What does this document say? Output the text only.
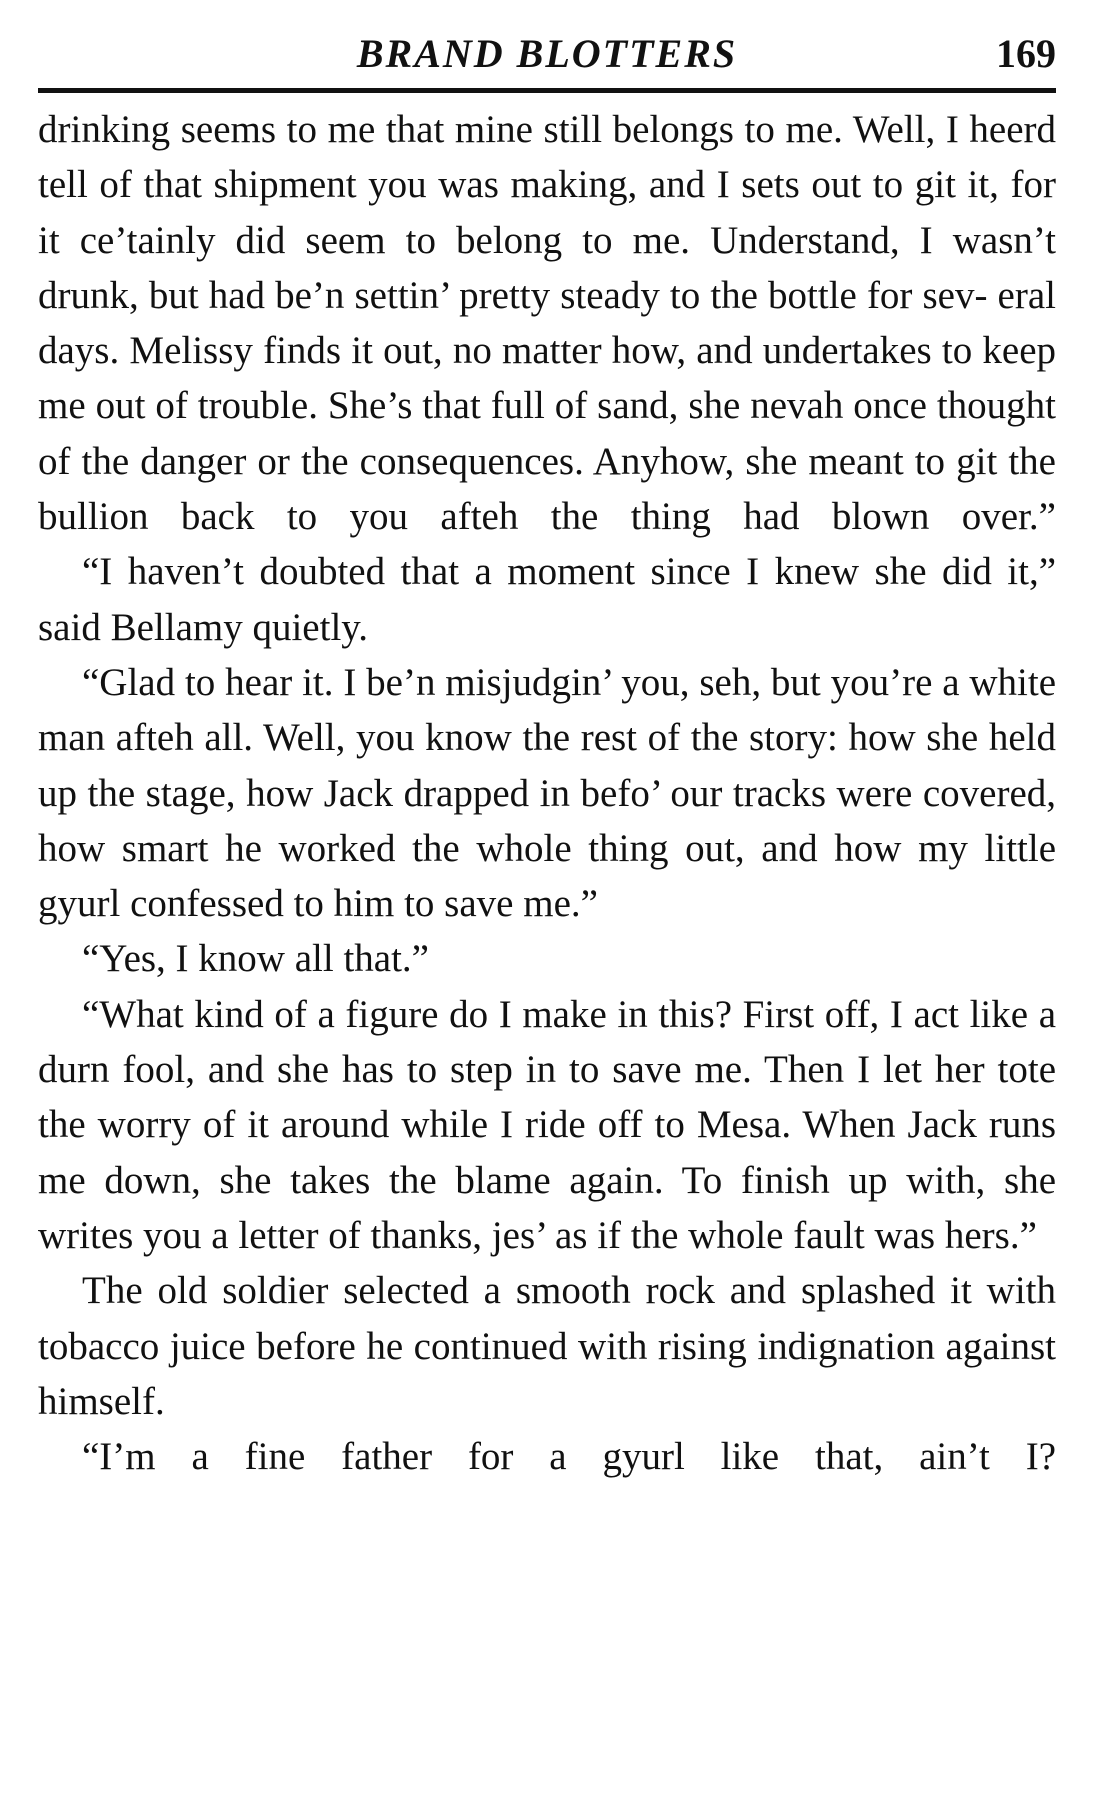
BRAND BLOTTERS	169

drinking seems to me that mine still belongs to me. Well, I heerd tell of that shipment you was making, and I sets out to git it, for it ce’tainly did seem to belong to me. Understand, I wasn’t drunk, but had be’n settin’ pretty steady to the bottle for sev- eral days. Melissy finds it out, no matter how, and undertakes to keep me out of trouble. She’s that full of sand, she nevah once thought of the danger or the consequences. Anyhow, she meant to git the bullion back to you afteh the thing had blown over.”

“I haven’t doubted that a moment since I knew she did it,” said Bellamy quietly.

“Glad to hear it. I be’n misjudgin’ you, seh, but you’re a white man afteh all. Well, you know the rest of the story: how she held up the stage, how Jack drapped in befo’ our tracks were covered, how smart he worked the whole thing out, and how my little gyurl confessed to him to save me.”

“Yes, I know all that.”

“What kind of a figure do I make in this? First off, I act like a durn fool, and she has to step in to save me. Then I let her tote the worry of it around while I ride off to Mesa. When Jack runs me down, she takes the blame again. To finish up with, she writes you a letter of thanks, jes’ as if the whole fault was hers.”

The old soldier selected a smooth rock and splashed it with tobacco juice before he continued with rising indignation against himself.

“I’m a fine father for a gyurl like that, ain’t I?
